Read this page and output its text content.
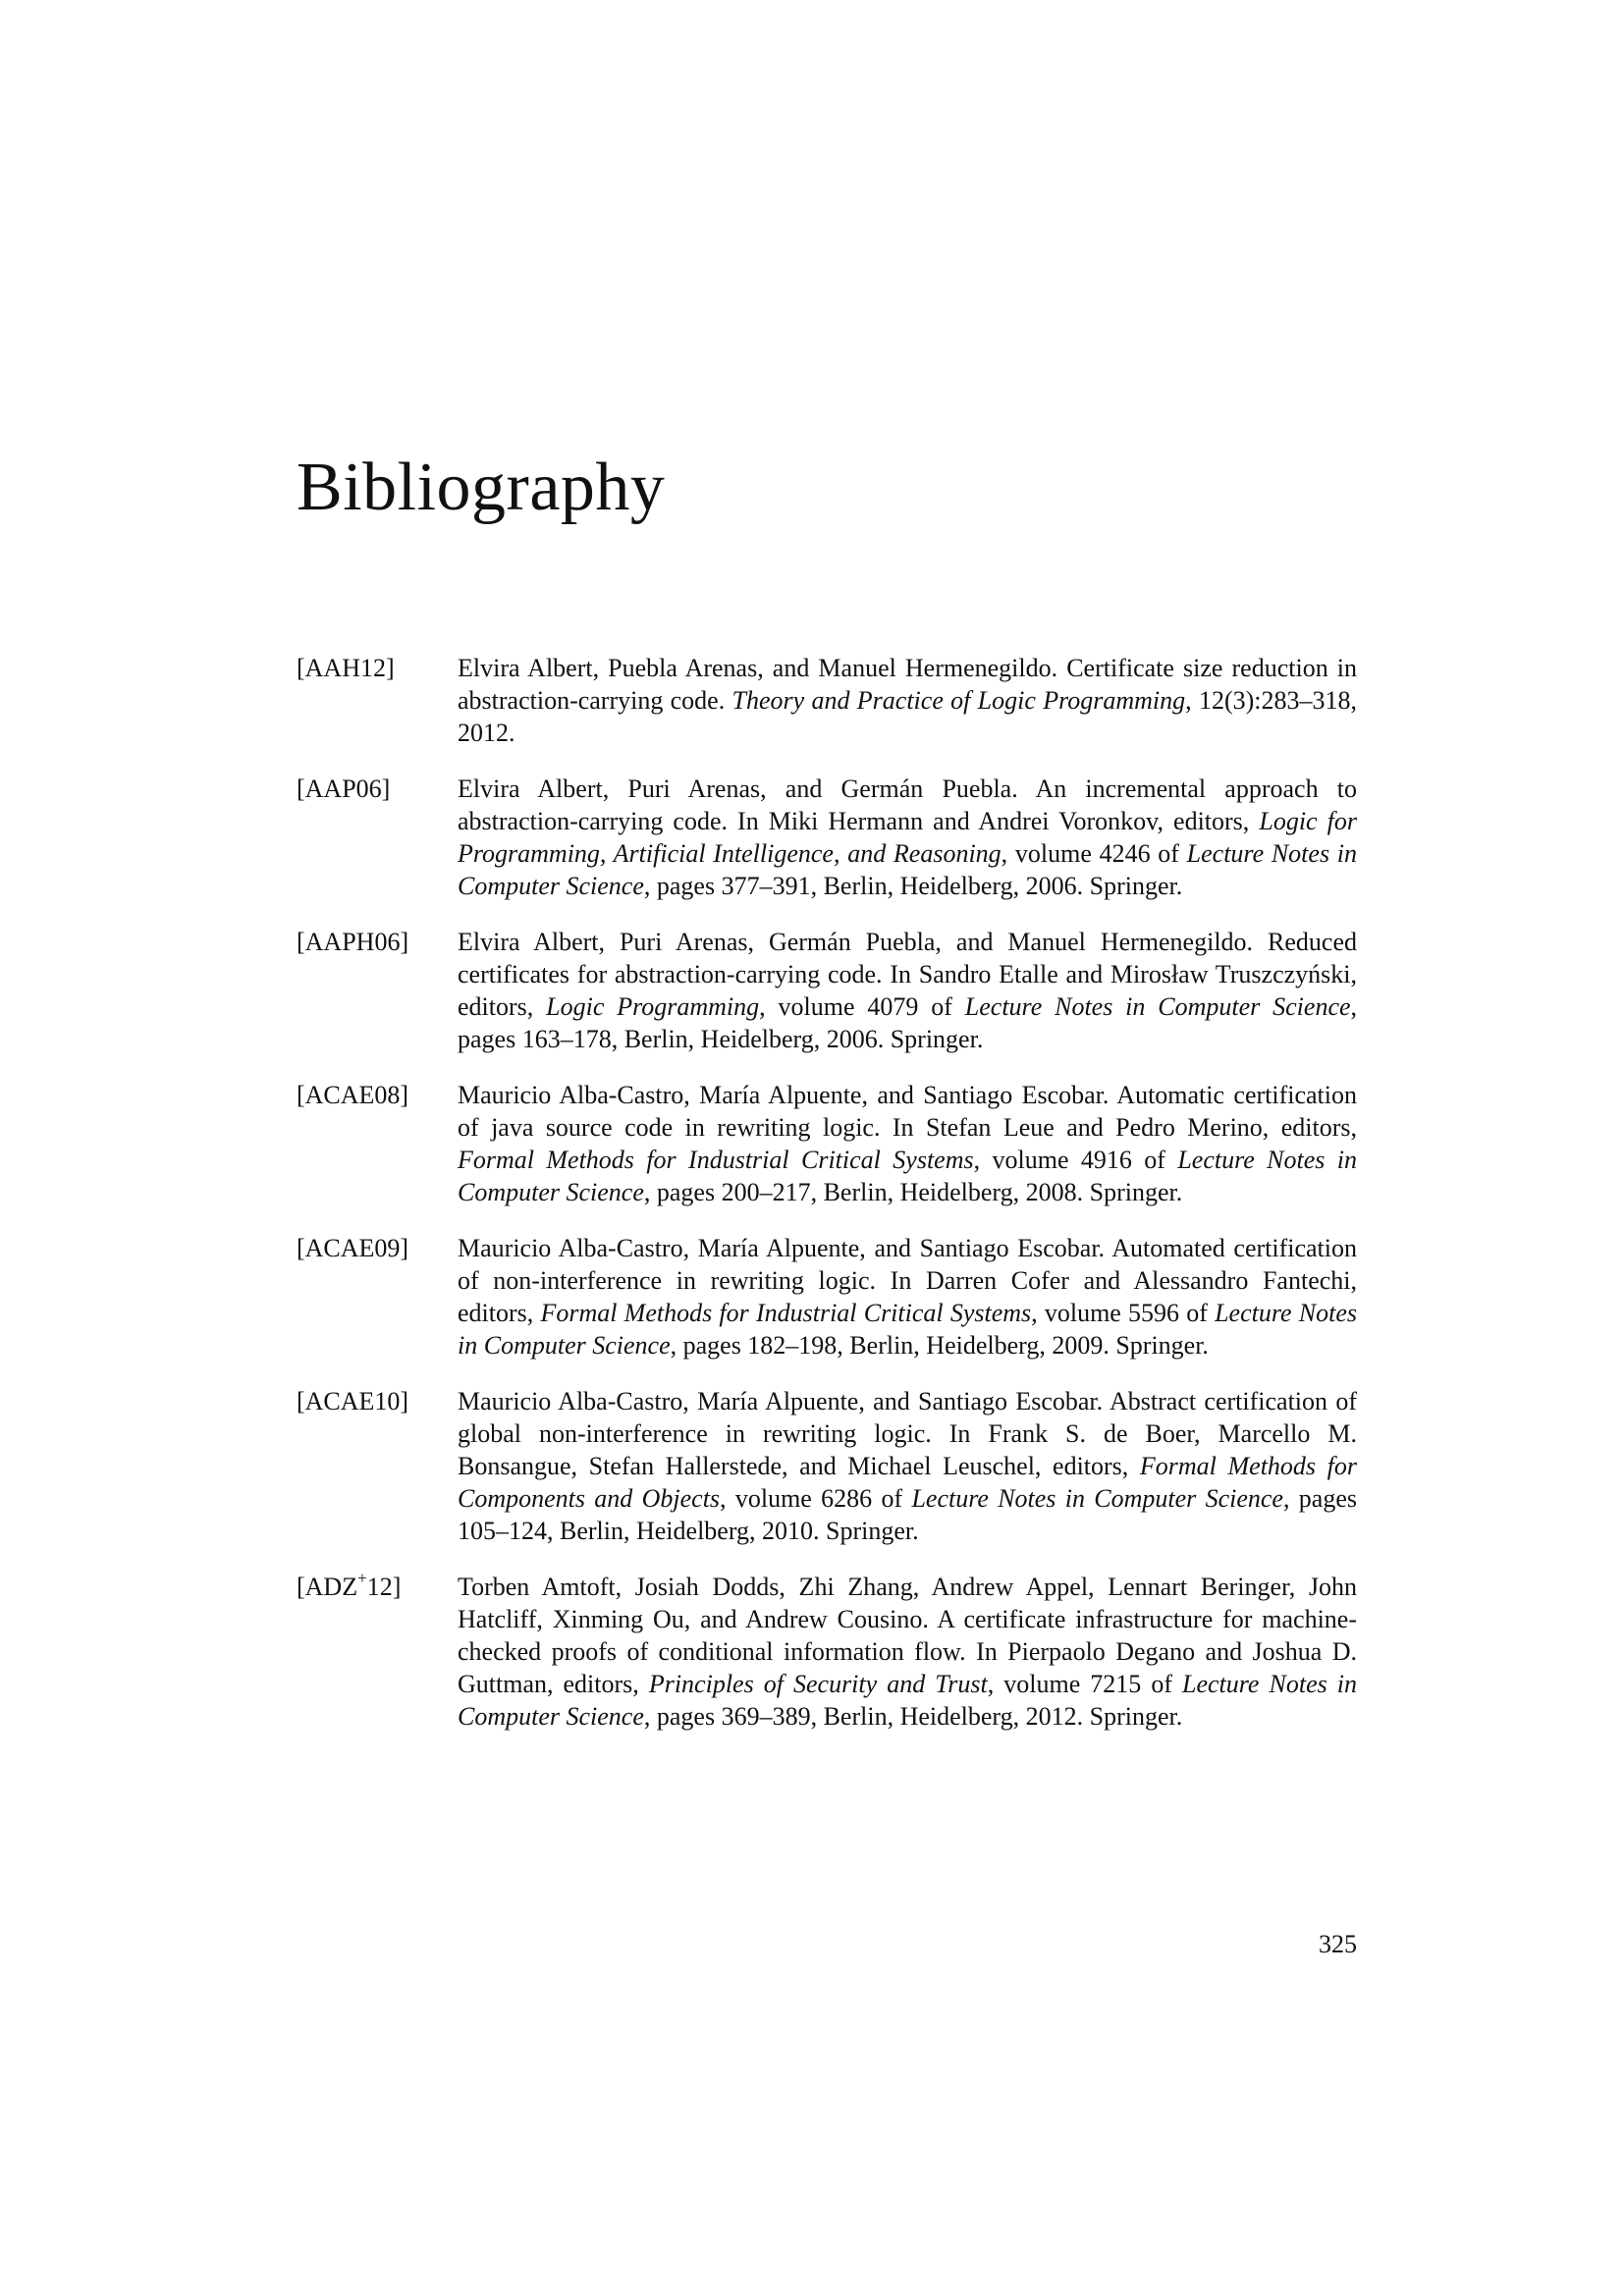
Bibliography
[AAH12]	Elvira Albert, Puebla Arenas, and Manuel Hermenegildo. Certificate size reduction in abstraction-carrying code. Theory and Practice of Logic Programming, 12(3):283–318, 2012.
[AAP06]	Elvira Albert, Puri Arenas, and Germán Puebla. An incremental approach to abstraction-carrying code. In Miki Hermann and Andrei Voronkov, editors, Logic for Programming, Artificial Intelligence, and Reasoning, volume 4246 of Lecture Notes in Computer Science, pages 377–391, Berlin, Heidelberg, 2006. Springer.
[AAPH06]	Elvira Albert, Puri Arenas, Germán Puebla, and Manuel Hermenegildo. Reduced certificates for abstraction-carrying code. In Sandro Etalle and Mirosław Truszczyński, editors, Logic Programming, volume 4079 of Lecture Notes in Computer Science, pages 163–178, Berlin, Heidelberg, 2006. Springer.
[ACAE08]	Mauricio Alba-Castro, María Alpuente, and Santiago Escobar. Automatic certification of java source code in rewriting logic. In Stefan Leue and Pedro Merino, editors, Formal Methods for Industrial Critical Systems, volume 4916 of Lecture Notes in Computer Science, pages 200–217, Berlin, Heidelberg, 2008. Springer.
[ACAE09]	Mauricio Alba-Castro, María Alpuente, and Santiago Escobar. Automated certification of non-interference in rewriting logic. In Darren Cofer and Alessandro Fantechi, editors, Formal Methods for Industrial Critical Systems, volume 5596 of Lecture Notes in Computer Science, pages 182–198, Berlin, Heidelberg, 2009. Springer.
[ACAE10]	Mauricio Alba-Castro, María Alpuente, and Santiago Escobar. Abstract certification of global non-interference in rewriting logic. In Frank S. de Boer, Marcello M. Bonsangue, Stefan Hallerstede, and Michael Leuschel, editors, Formal Methods for Components and Objects, volume 6286 of Lecture Notes in Computer Science, pages 105–124, Berlin, Heidelberg, 2010. Springer.
[ADZ+12]	Torben Amtoft, Josiah Dodds, Zhi Zhang, Andrew Appel, Lennart Beringer, John Hatcliff, Xinming Ou, and Andrew Cousino. A certificate infrastructure for machine-checked proofs of conditional information flow. In Pierpaolo Degano and Joshua D. Guttman, editors, Principles of Security and Trust, volume 7215 of Lecture Notes in Computer Science, pages 369–389, Berlin, Heidelberg, 2012. Springer.
325
